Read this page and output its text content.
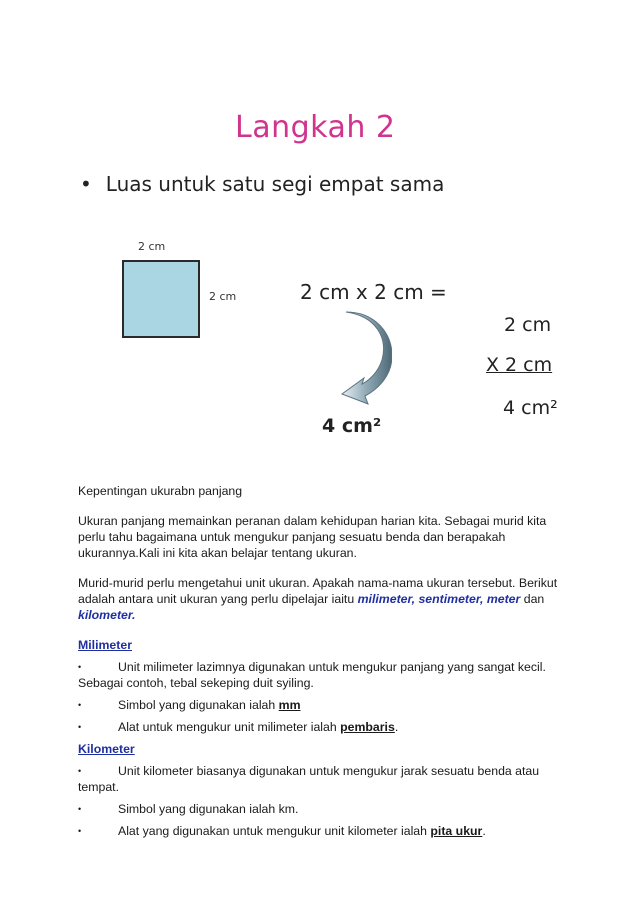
Langkah 2
• Luas untuk satu segi empat sama
2 cm
2 cm	2 cm x 2 cm =
4 cm²
2 cm
X 2 cm
4 cm²

Kepentingan ukurabn panjang

Ukuran panjang memainkan peranan dalam kehidupan harian kita. Sebagai murid kita perlu tahu bagaimana untuk mengukur panjang sesuatu benda dan berapakah ukurannya.Kali ini kita akan belajar tentang ukuran.

Murid-murid perlu mengetahui unit ukuran. Apakah nama-nama ukuran tersebut. Berikut adalah antara unit ukuran yang perlu dipelajar iaitu milimeter, sentimeter, meter dan kilometer.

Milimeter

•	Unit milimeter lazimnya digunakan untuk mengukur panjang yang sangat kecil.

Sebagai contoh, tebal sekeping duit syiling.

•	Simbol yang digunakan ialah mm

•	Alat untuk mengukur unit milimeter ialah pembaris.

Kilometer

•	Unit kilometer biasanya digunakan untuk mengukur jarak sesuatu benda atau

tempat.

•	Simbol yang digunakan ialah km.

•	Alat yang digunakan untuk mengukur unit kilometer ialah pita ukur.
